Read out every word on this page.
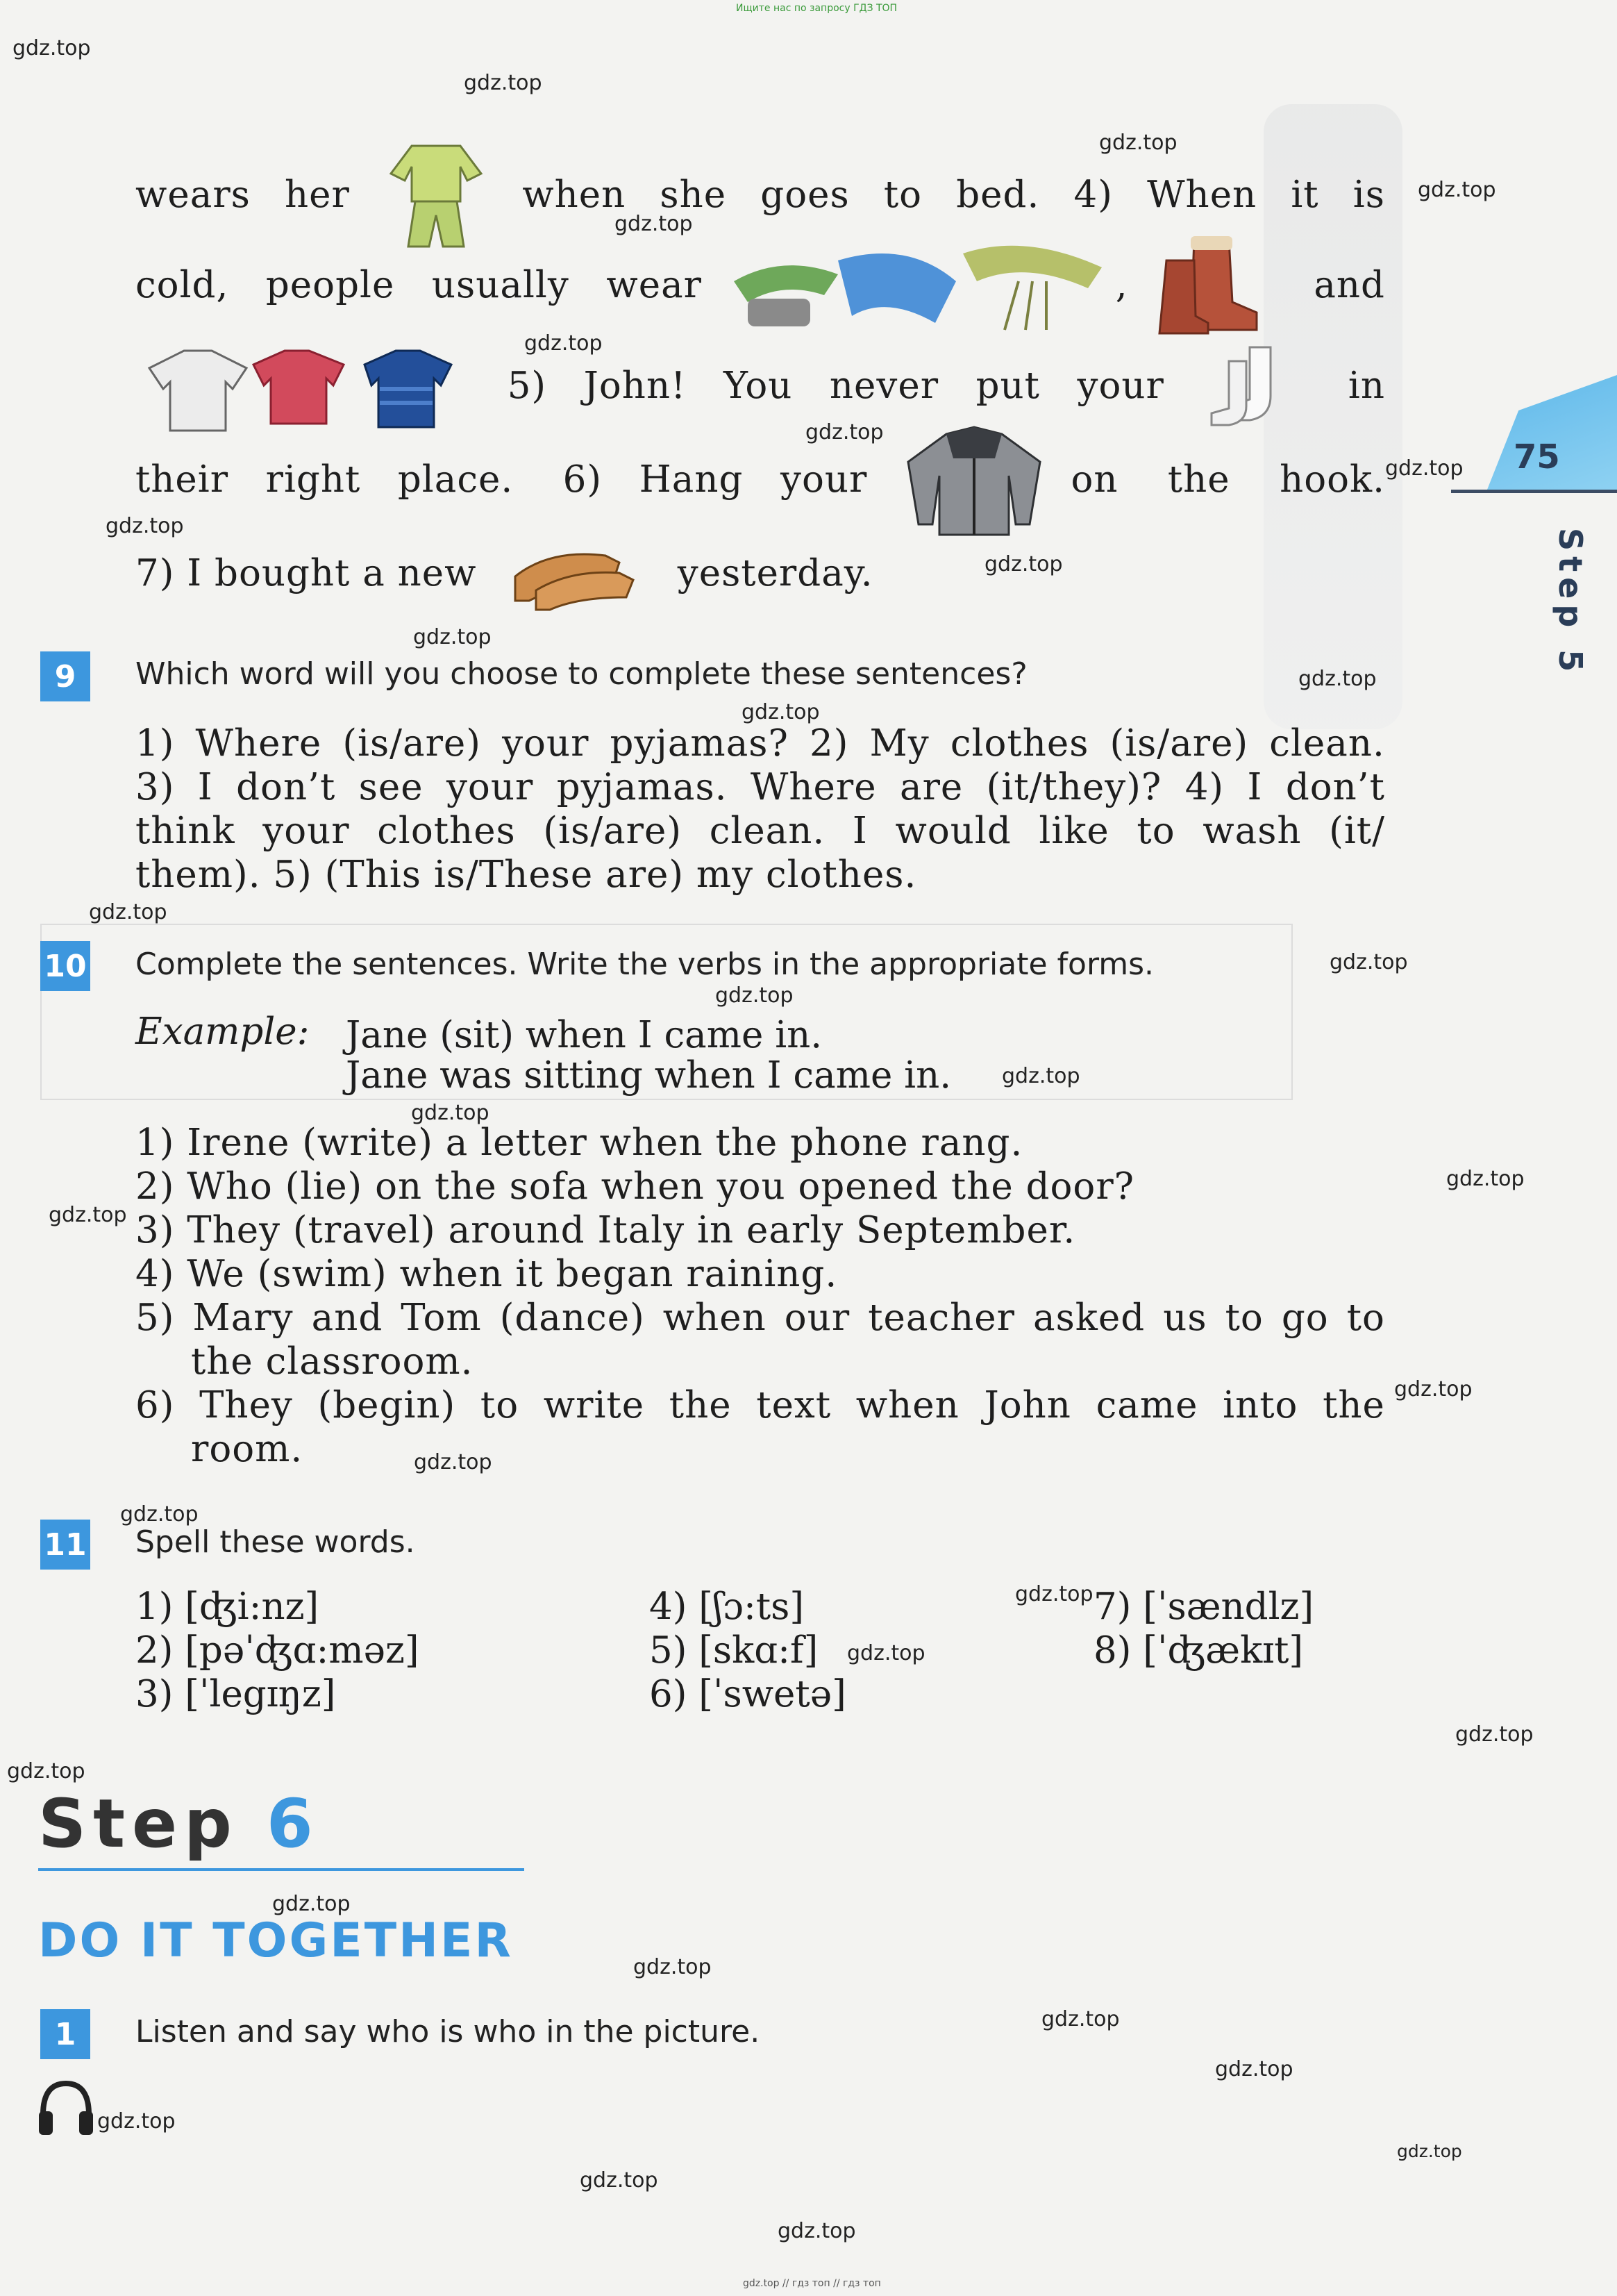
Ищите нас по запросу ГДЗ ТОП
75
Step 5
wears her	when she goes to bed. 4) When it is
cold,
people
usually
wear
	,
	and

5)
John!
You
never
put
your
	in
their
right
place.
6)
Hang
your
	on
the
hook.
7) I bought a new

	yesterday.
9	Which word will you choose to complete these sentences?
1) Where (is/are) your pyjamas? 2) My clothes (is/are) clean.
3) I don’t see your pyjamas. Where are (it/they)? 4) I don’t
think your clothes (is/are) clean. I would like to wash (it/
them). 5) (This is/These are) my clothes.
10 Complete the sentences. Write the verbs in the appropriate forms.
Example: Jane (sit) when I came in.
Jane was sitting when I came in.
1) Irene (write) a letter when the phone rang.
2) Who (lie) on the sofa when you opened the door?
3) They (travel) around Italy in early September.
4) We (swim) when it began raining.
5) Mary and Tom (dance) when our teacher asked us to go to
the classroom.
6) They (begin) to write the text when John came into the
room.
11 Spell these words.
1) [ʤi:nz]
2) [pəˈʤɑ:məz]
3) [ˈlegɪŋz]
4) [ʃɔ:ts]
5) [skɑ:f]
6) [ˈswetə]
7) [ˈsændlz]
8) [ˈʤækɪt]
Step 6
DO IT TOGETHER
1	Listen and say who is who in the picture.
gdz.top
gdz.top
gdz.top
gdz.top
gdz.top
gdz.top
gdz.top
gdz.top
gdz.top
gdz.top
gdz.top
gdz.top
gdz.top
gdz.top
gdz.top
gdz.top
gdz.top
gdz.top
gdz.top
gdz.top
gdz.top
gdz.top
gdz.top
gdz.top
gdz.top
gdz.top
gdz.top
gdz.top
gdz.top
gdz.top
gdz.top
gdz.top
gdz.top
gdz.top
gdz.top
gdz.top // гдз топ // гдз топ
